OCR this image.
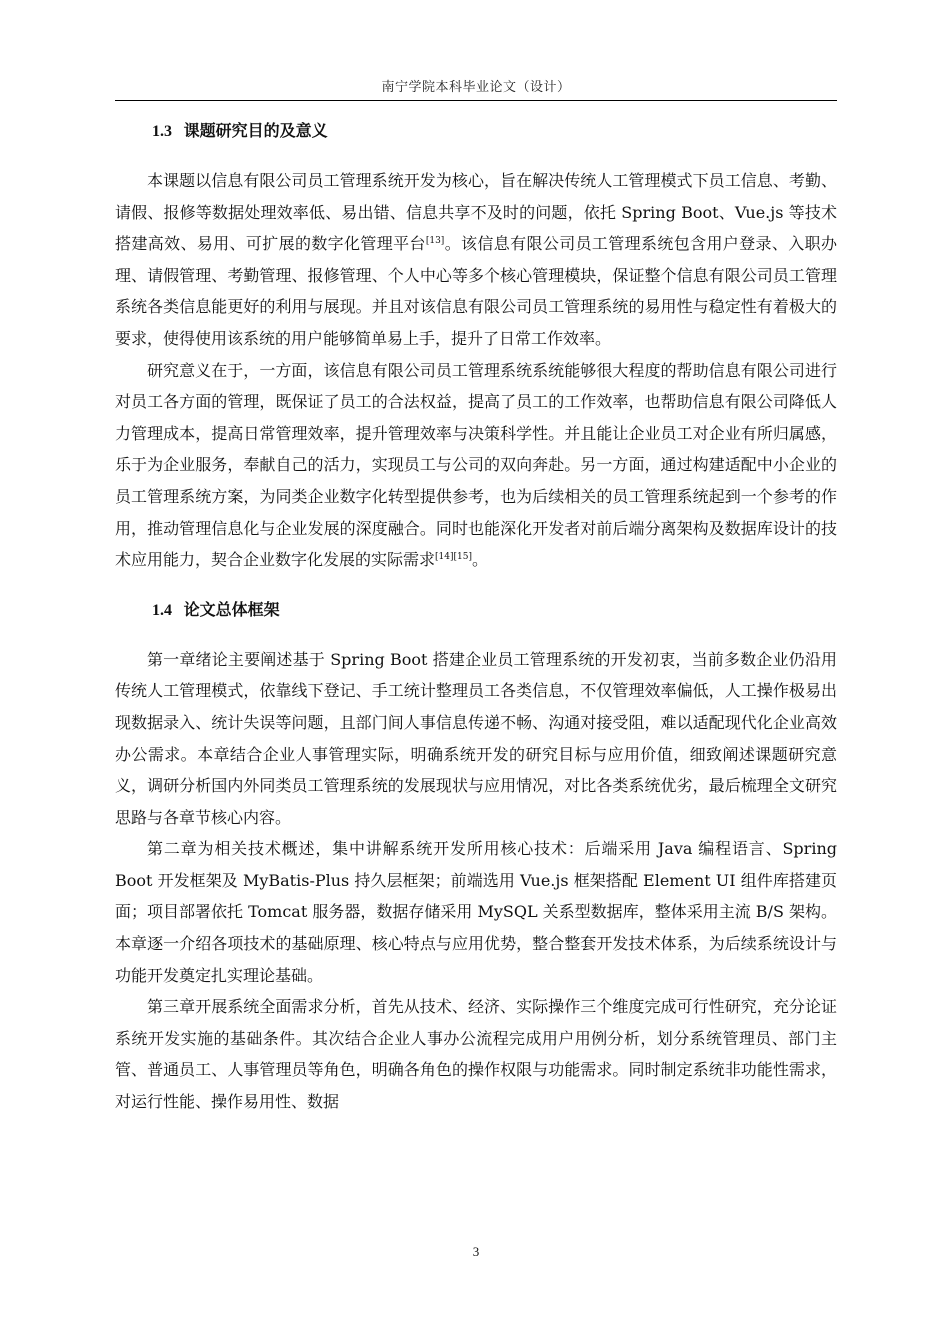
南宁学院本科毕业论文（设计）
1.3 课题研究目的及意义

本课题以信息有限公司员工管理系统开发为核心，旨在解决传统人工管理模式下员工信息、考勤、请假、报修等数据处理效率低、易出错、信息共享不及时的问题，依托 Spring Boot、Vue.js 等技术搭建高效、易用、可扩展的数字化管理平台[13]。该信息有限公司员工管理系统包含用户登录、入职办理、请假管理、考勤管理、报修管理、个人中心等多个核心管理模块，保证整个信息有限公司员工管理系统各类信息能更好的利用与展现。并且对该信息有限公司员工管理系统的易用性与稳定性有着极大的要求，使得使用该系统的用户能够简单易上手，提升了日常工作效率。

研究意义在于，一方面，该信息有限公司员工管理系统系统能够很大程度的帮助信息有限公司进行对员工各方面的管理，既保证了员工的合法权益，提高了员工的工作效率，也帮助信息有限公司降低人力管理成本，提高日常管理效率，提升管理效率与决策科学性。并且能让企业员工对企业有所归属感，乐于为企业服务，奉献自己的活力，实现员工与公司的双向奔赴。另一方面，通过构建适配中小企业的员工管理系统方案，为同类企业数字化转型提供参考，也为后续相关的员工管理系统起到一个参考的作用，推动管理信息化与企业发展的深度融合。同时也能深化开发者对前后端分离架构及数据库设计的技术应用能力，契合企业数字化发展的实际需求[14][15]。

1.4 论文总体框架

第一章绪论主要阐述基于 Spring Boot 搭建企业员工管理系统的开发初衷，当前多数企业仍沿用传统人工管理模式，依靠线下登记、手工统计整理员工各类信息，不仅管理效率偏低，人工操作极易出现数据录入、统计失误等问题，且部门间人事信息传递不畅、沟通对接受阻，难以适配现代化企业高效办公需求。本章结合企业人事管理实际，明确系统开发的研究目标与应用价值，细致阐述课题研究意义，调研分析国内外同类员工管理系统的发展现状与应用情况，对比各类系统优劣，最后梳理全文研究思路与各章节核心内容。

第二章为相关技术概述，集中讲解系统开发所用核心技术：后端采用 Java 编程语言、Spring Boot 开发框架及 MyBatis-Plus 持久层框架；前端选用 Vue.js 框架搭配 Element UI 组件库搭建页面；项目部署依托 Tomcat 服务器，数据存储采用 MySQL 关系型数据库，整体采用主流 B/S 架构。本章逐一介绍各项技术的基础原理、核心特点与应用优势，整合整套开发技术体系，为后续系统设计与功能开发奠定扎实理论基础。

第三章开展系统全面需求分析，首先从技术、经济、实际操作三个维度完成可行性研究，充分论证系统开发实施的基础条件。其次结合企业人事办公流程完成用户用例分析，划分系统管理员、部门主管、普通员工、人事管理员等角色，明确各角色的操作权限与功能需求。同时制定系统非功能性需求，对运行性能、操作易用性、数据

3
